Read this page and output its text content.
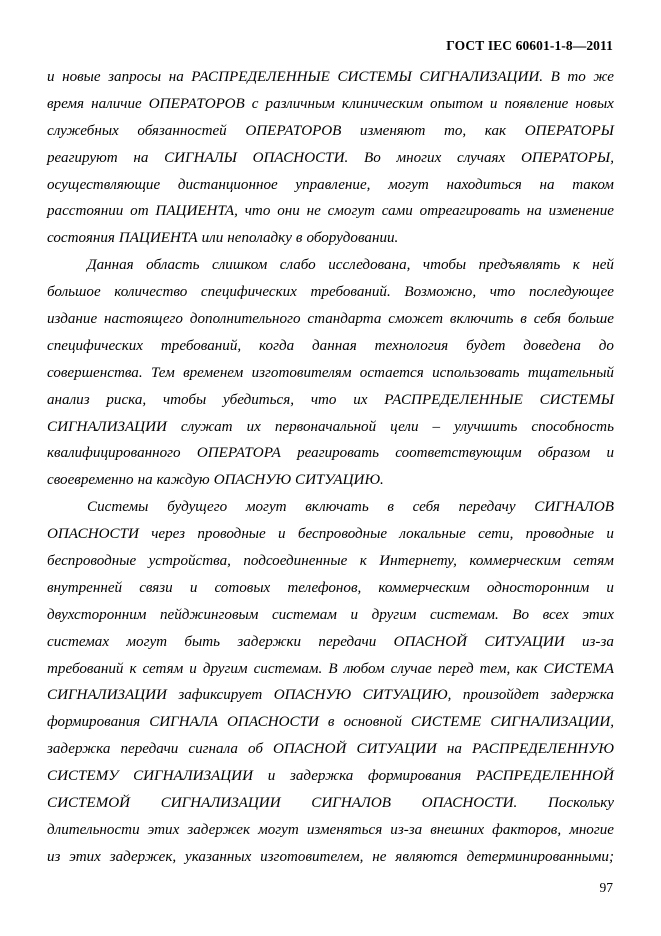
ГОСТ IEC 60601-1-8—2011
и новые запросы на РАСПРЕДЕЛЕННЫЕ СИСТЕМЫ СИГНАЛИЗАЦИИ. В то же
время наличие ОПЕРАТОРОВ с различным клиническим опытом и появление новых
служебных обязанностей ОПЕРАТОРОВ изменяют то, как ОПЕРАТОРЫ
реагируют на СИГНАЛЫ ОПАСНОСТИ. Во многих случаях ОПЕРАТОРЫ,
осуществляющие дистанционное управление, могут находиться на таком
расстоянии от ПАЦИЕНТА, что они не смогут сами отреагировать на изменение
состояния ПАЦИЕНТА или неполадку в оборудовании.
Данная область слишком слабо исследована, чтобы предъявлять к ней
большое количество специфических требований. Возможно, что последующее
издание настоящего дополнительного стандарта сможет включить в себя больше
специфических требований, когда данная технология будет доведена до
совершенства. Тем временем изготовителям остается использовать тщательный
анализ риска, чтобы убедиться, что их РАСПРЕДЕЛЕННЫЕ СИСТЕМЫ
СИГНАЛИЗАЦИИ служат их первоначальной цели – улучшить способность
квалифицированного ОПЕРАТОРА реагировать соответствующим образом и
своевременно на каждую ОПАСНУЮ СИТУАЦИЮ.
Системы будущего могут включать в себя передачу СИГНАЛОВ
ОПАСНОСТИ через проводные и беспроводные локальные сети, проводные и
беспроводные устройства, подсоединенные к Интернету, коммерческим сетям
внутренней связи и сотовых телефонов, коммерческим односторонним и
двухсторонним пейджинговым системам и другим системам. Во всех этих
системах могут быть задержки передачи ОПАСНОЙ СИТУАЦИИ из-за
требований к сетям и другим системам. В любом случае перед тем, как СИСТЕМА
СИГНАЛИЗАЦИИ зафиксирует ОПАСНУЮ СИТУАЦИЮ, произойдет задержка
формирования СИГНАЛА ОПАСНОСТИ в основной СИСТЕМЕ СИГНАЛИЗАЦИИ,
задержка передачи сигнала об ОПАСНОЙ СИТУАЦИИ на РАСПРЕДЕЛЕННУЮ
СИСТЕМУ СИГНАЛИЗАЦИИ и задержка формирования РАСПРЕДЕЛЕННОЙ
СИСТЕМОЙ СИГНАЛИЗАЦИИ СИГНАЛОВ ОПАСНОСТИ. Поскольку
длительности этих задержек могут изменяться из-за внешних факторов, многие
из этих задержек, указанных изготовителем, не являются детерминированными;
97
